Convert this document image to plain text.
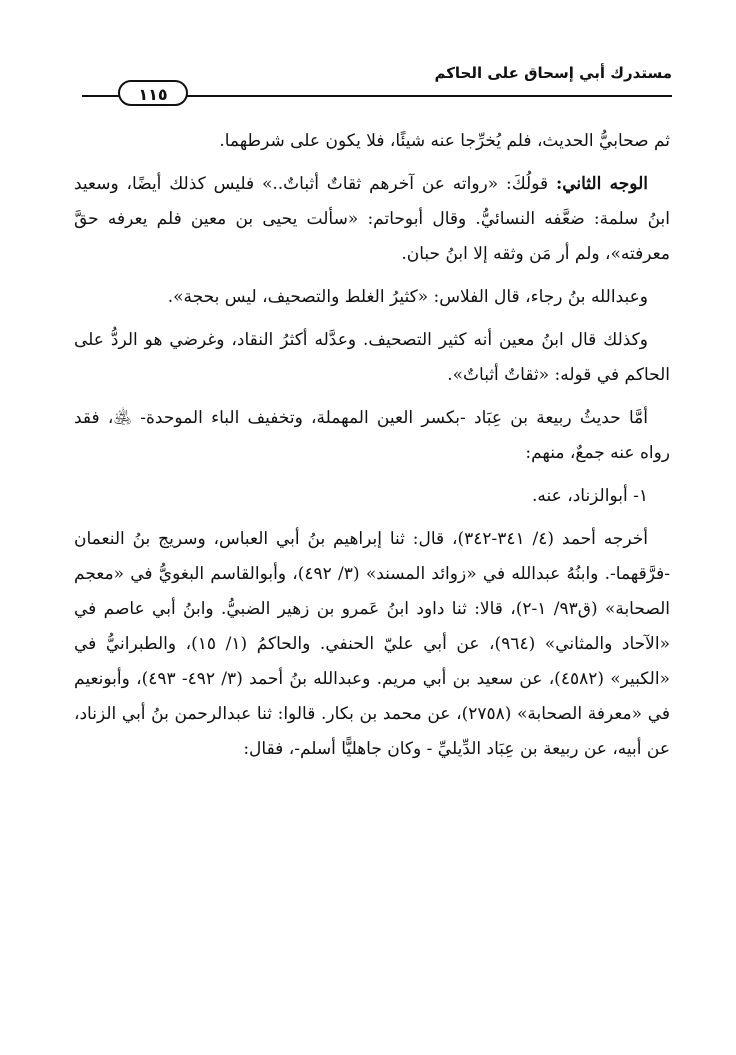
مستدرك أبي إسحاق على الحاكم
١١٥

ثم صحابيُّ الحديث، فلم يُخرِّجا عنه شيئًا، فلا يكون على شرطهما.

الوجه الثاني: قولُكَ: «رواته عن آخرهم ثقاتٌ أثباتٌ..» فليس كذلك أيضًا، وسعيد ابنُ سلمة: ضعَّفه النسائيُّ. وقال أبوحاتم: «سألت يحيى بن معين فلم يعرفه حقَّ معرفته»، ولم أر مَن وثقه إلا ابنُ حبان.

وعبدالله بنُ رجاء، قال الفلاس: «كثيرُ الغلط والتصحيف، ليس بحجة».

وكذلك قال ابنُ معين أنه كثير التصحيف. وعدَّله أكثرُ النقاد، وغرضي هو الردُّ على الحاكم في قوله: «ثقاتٌ أثباتٌ».

أمَّا حديثُ ربيعة بن عِبَاد -بكسر العين المهملة، وتخفيف الباء الموحدة- ﵁، فقد رواه عنه جمعٌ، منهم:

١- أبوالزناد، عنه.

أخرجه أحمد (٤/ ٣٤١-٣٤٢)، قال: ثنا إبراهيم بنُ أبي العباس، وسريج بنُ النعمان -فرَّقهما-. وابنُهُ عبدالله في «زوائد المسند» (٣/ ٤٩٢)، وأبوالقاسم البغويُّ في «معجم الصحابة» (ق٩٣/ ١-٢)، قالا: ثنا داود ابنُ عَمرو بن زهير الضبيُّ. وابنُ أبي عاصم في «الآحاد والمثاني» (٩٦٤)، عن أبي عليّ الحنفي. والحاكمُ (١/ ١٥)، والطبرانيُّ في «الكبير» (٤٥٨٢)، عن سعيد بن أبي مريم. وعبدالله بنُ أحمد (٣/ ٤٩٢- ٤٩٣)، وأبونعيم في «معرفة الصحابة» (٢٧٥٨)، عن محمد بن بكار. قالوا: ثنا عبدالرحمن بنُ أبي الزناد، عن أبيه، عن ربيعة بن عِبَاد الدِّيليِّ - وكان جاهليًّا أسلم-، فقال:
